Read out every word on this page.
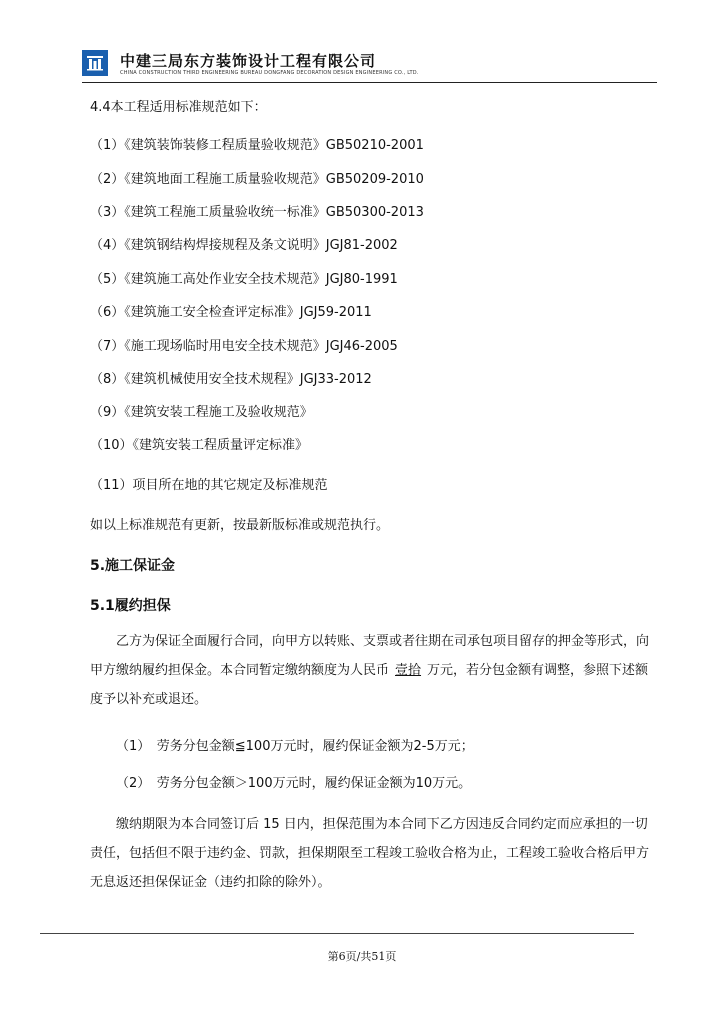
中建三局东方装饰设计工程有限公司
CHINA CONSTRUCTION THIRD ENGINEERING BUREAU DONGFANG DECORATION DESIGN ENGINEERING CO., LTD.
4.4本工程适用标准规范如下：
（1）《建筑装饰装修工程质量验收规范》GB50210-2001
（2）《建筑地面工程施工质量验收规范》GB50209-2010
（3）《建筑工程施工质量验收统一标准》GB50300-2013
（4）《建筑钢结构焊接规程及条文说明》JGJ81-2002
（5）《建筑施工高处作业安全技术规范》JGJ80-1991
（6）《建筑施工安全检查评定标准》JGJ59-2011
（7）《施工现场临时用电安全技术规范》JGJ46-2005
（8）《建筑机械使用安全技术规程》JGJ33-2012
（9）《建筑安装工程施工及验收规范》
（10）《建筑安装工程质量评定标准》
（11）项目所在地的其它规定及标准规范
如以上标准规范有更新，按最新版标准或规范执行。
5.施工保证金
5.1履约担保
乙方为保证全面履行合同，向甲方以转账、支票或者往期在司承包项目留存的押金等形式，向甲方缴纳履约担保金。本合同暂定缴纳额度为人民币 壹拾 万元，若分包金额有调整，参照下述额度予以补充或退还。
（1）　劳务分包金额≦100万元时，履约保证金额为2-5万元；
（2）　劳务分包金额＞100万元时，履约保证金额为10万元。
缴纳期限为本合同签订后 15 日内，担保范围为本合同下乙方因违反合同约定而应承担的一切责任，包括但不限于违约金、罚款，担保期限至工程竣工验收合格为止，工程竣工验收合格后甲方无息返还担保保证金（违约扣除的除外）。
第6页/共51页
